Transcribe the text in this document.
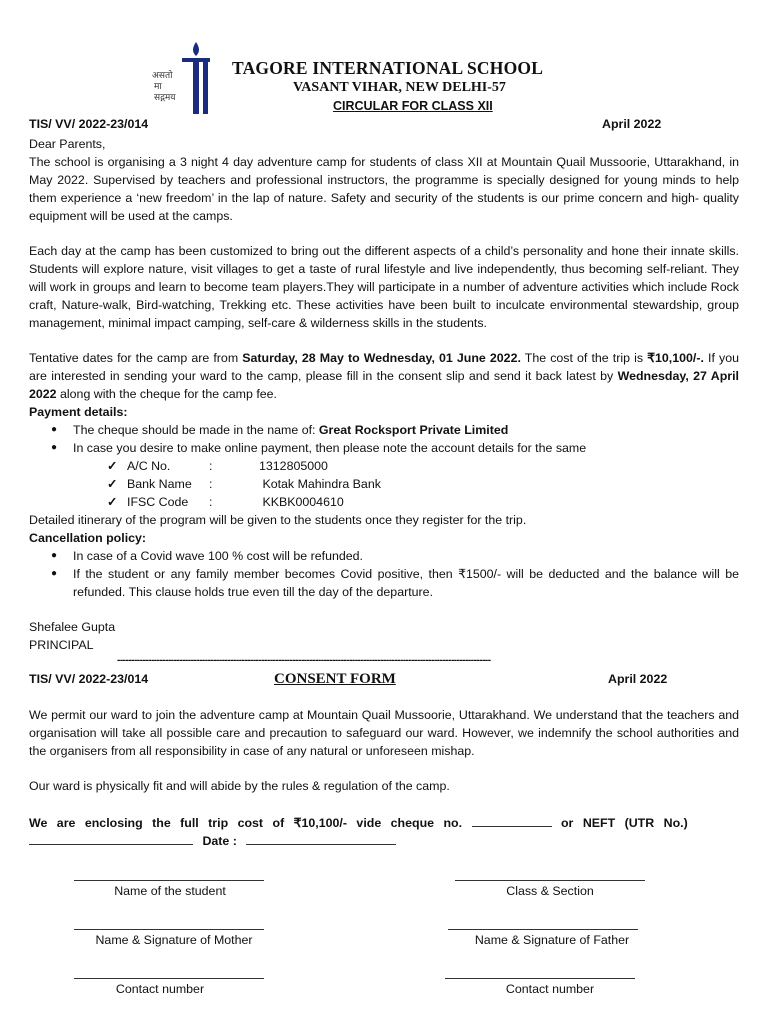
असतो
मा
सद्गमय
TAGORE INTERNATIONAL SCHOOL
VASANT VIHAR, NEW DELHI-57
CIRCULAR FOR CLASS XII
TIS/ VV/ 2022-23/014	April 2022

Dear Parents,

The school is organising a 3 night 4 day adventure camp for students of class XII at Mountain Quail Mussoorie, Uttarakhand, in May 2022. Supervised by teachers and professional instructors, the programme is specially designed for young minds to help them experience a ‘new freedom’ in the lap of nature. Safety and security of the students is our prime concern and high- quality equipment will be used at the camps.

Each day at the camp has been customized to bring out the different aspects of a child’s personality and hone their innate skills. Students will explore nature, visit villages to get a taste of rural lifestyle and live independently, thus becoming self-reliant. They will work in groups and learn to become team players.They will participate in a number of adventure activities which include Rock craft, Nature-walk, Bird-watching, Trekking etc. These activities have been built to inculcate environmental stewardship, group management, minimal impact camping, self-care & wilderness skills in the students.

Tentative dates for the camp are from Saturday, 28 May to Wednesday, 01 June 2022. The cost of the trip is ₹10,100/-. If you are interested in sending your ward to the camp, please fill in the consent slip and send it back latest by Wednesday, 27 April 2022 along with the cheque for the camp fee.

Payment details:

● The cheque should be made in the name of: Great Rocksport Private Limited
● In case you desire to make online payment, then please note the account details for the same
✓ A/C No.	:	1312805000
✓ Bank Name :	Kotak Mahindra Bank
✓ IFSC Code :	KKBK0004610

Detailed itinerary of the program will be given to the students once they register for the trip.

Cancellation policy:

● In case of a Covid wave 100 % cost will be refunded.
● If the student or any family member becomes Covid positive, then ₹1500/- will be deducted and the balance will be refunded. This clause holds true even till the day of the departure.

Shefalee Gupta

PRINCIPAL

------------------------------------------------------------------------------------------------------------------------------------
TIS/ VV/ 2022-23/014	CONSENT FORM	April 2022

We permit our ward to join the adventure camp at Mountain Quail Mussoorie, Uttarakhand. We understand that the teachers and organisation will take all possible care and precaution to safeguard our ward. However, we indemnify the school authorities and the organisers from all responsibility in case of any natural or unforeseen mishap.

Our ward is physically fit and will abide by the rules & regulation of the camp.

We are enclosing the full trip cost of ₹10,100/- vide cheque no.	or NEFT (UTR No.)
Date :
Name of the student	Class & Section
Name & Signature of Mother	Name & Signature of Father
Contact number	Contact number
